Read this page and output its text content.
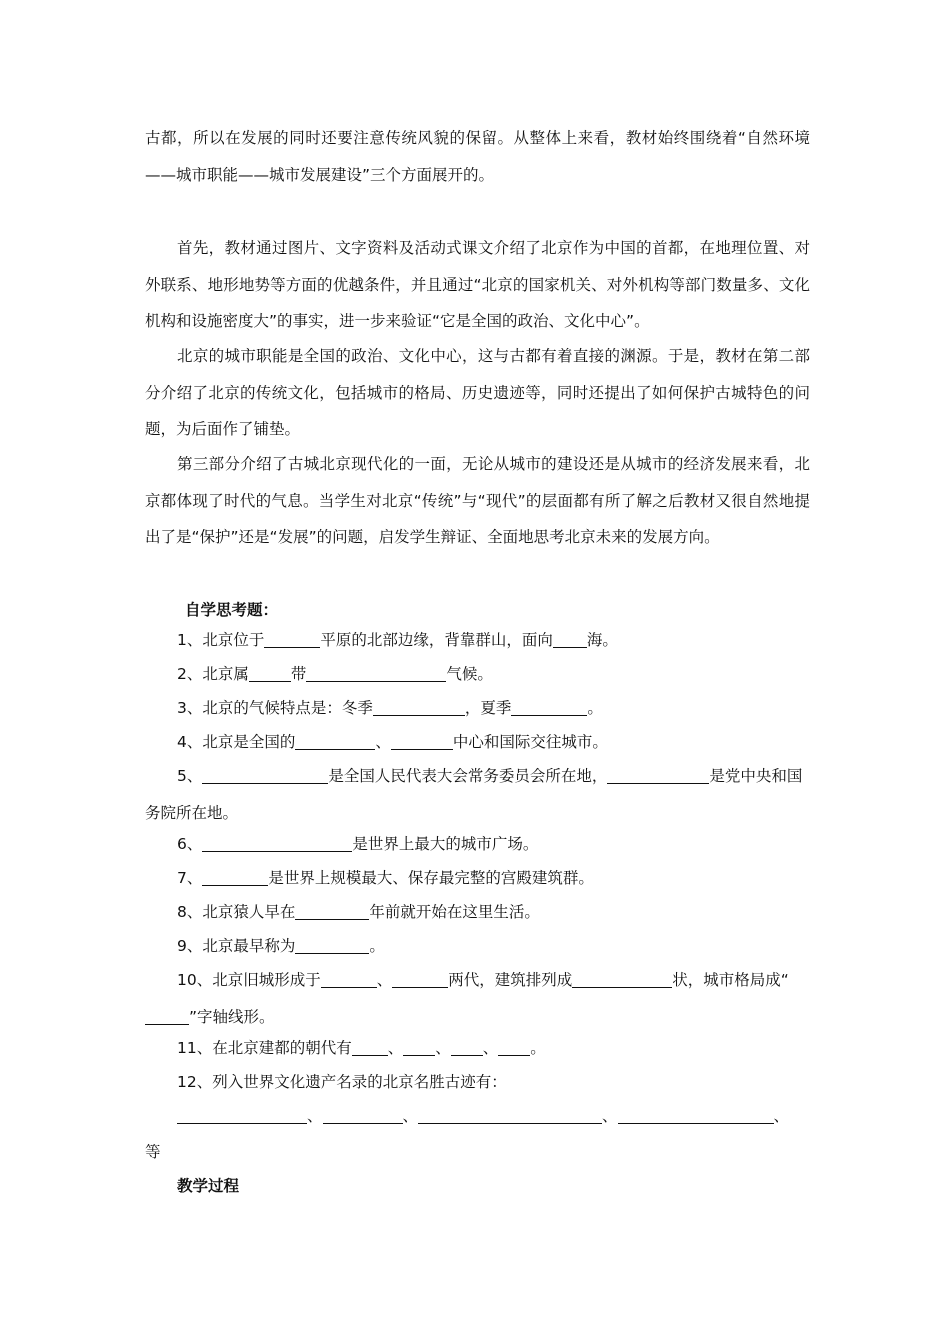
古都，所以在发展的同时还要注意传统风貌的保留。从整体上来看，教材始终围绕着“自然环境——城市职能——城市发展建设”三个方面展开的。

首先，教材通过图片、文字资料及活动式课文介绍了北京作为中国的首都，在地理位置、对外联系、地形地势等方面的优越条件，并且通过“北京的国家机关、对外机构等部门数量多、文化机构和设施密度大”的事实，进一步来验证“它是全国的政治、文化中心”。

北京的城市职能是全国的政治、文化中心，这与古都有着直接的渊源。于是，教材在第二部分介绍了北京的传统文化，包括城市的格局、历史遗迹等，同时还提出了如何保护古城特色的问题，为后面作了铺垫。

第三部分介绍了古城北京现代化的一面，无论从城市的建设还是从城市的经济发展来看，北京都体现了时代的气息。当学生对北京“传统”与“现代”的层面都有所了解之后教材又很自然地提出了是“保护”还是“发展”的问题，启发学生辩证、全面地思考北京未来的发展方向。

自学思考题：

1、北京位于	平原的北部边缘，背靠群山，面向 海。

2、北京属	带	气候。

3、北京的气候特点是：冬季	，夏季	。

4、北京是全国的	、	中心和国际交往城市。

5、	是全国人民代表大会常务委员会所在地，	是党中央和国务院所在地。

6、	是世界上最大的城市广场。

7、	是世界上规模最大、保存最完整的宫殿建筑群。

8、北京猿人早在	年前就开始在这里生活。

9、北京最早称为	。

10、北京旧城形成于	、	两代，建筑排列成	状，城市格局成“”字轴线形。

11、在北京建都的朝代有 、 、 、 。

12、列入世界文化遗产名录的北京名胜古迹有：

、	、	、	、

等

教学过程
